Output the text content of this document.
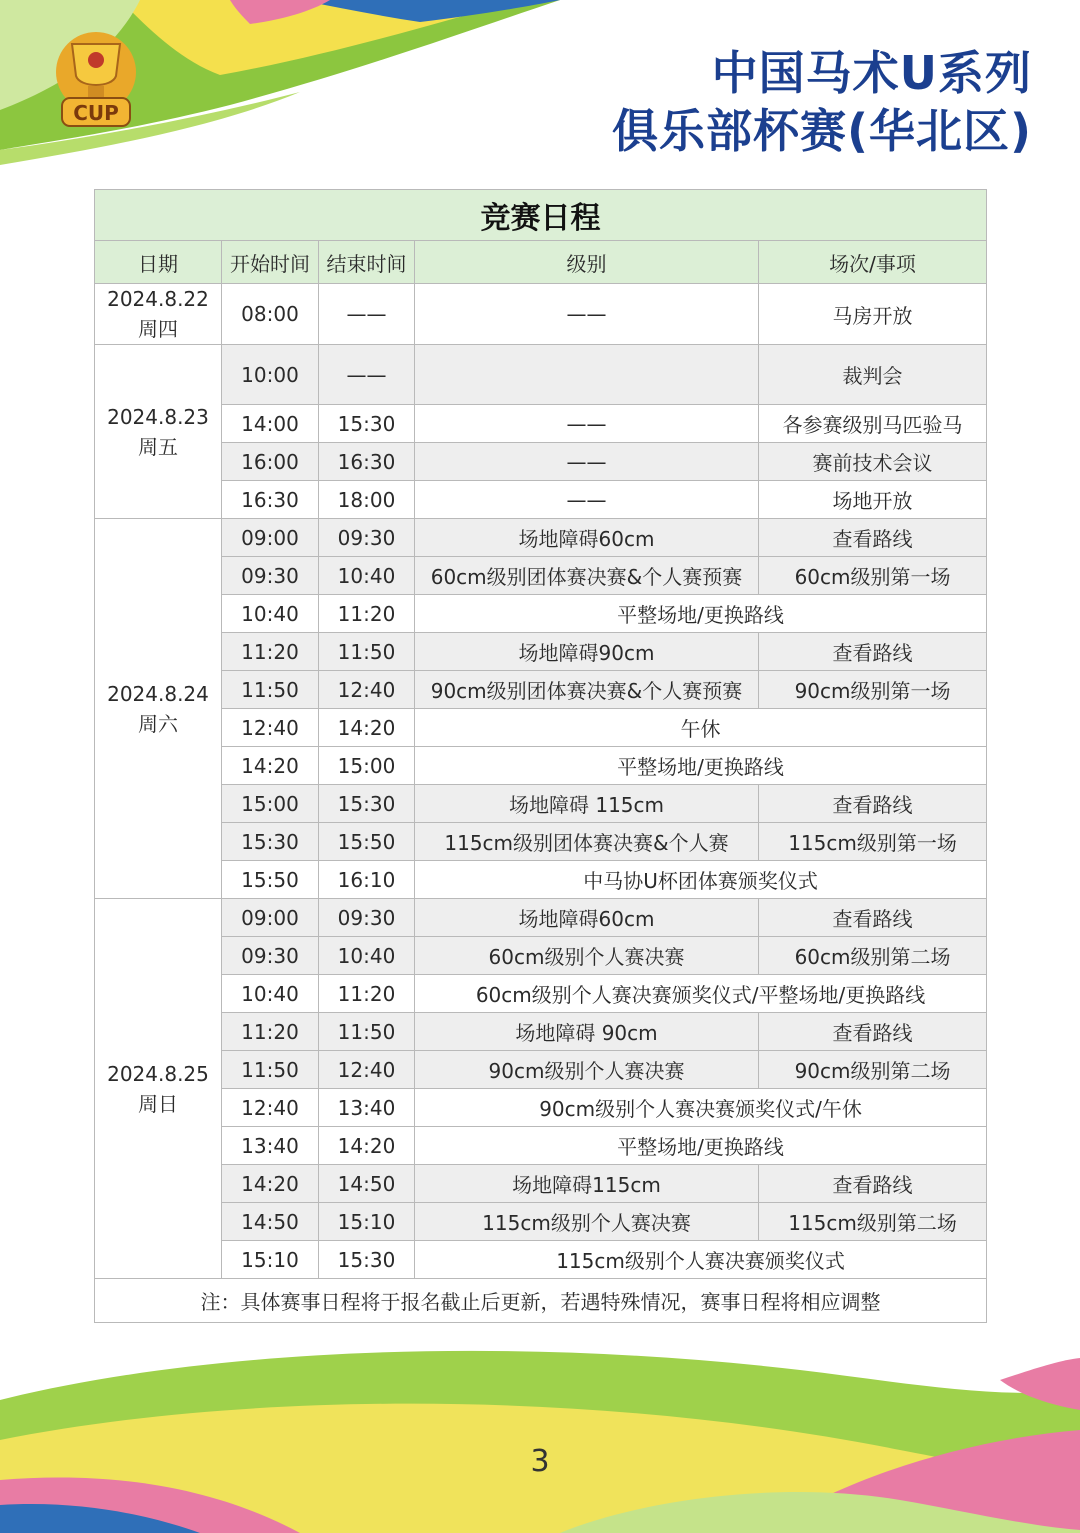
CUP
中国马术U系列
俱乐部杯赛(华北区)
竞赛日程				
日期	开始时间	结束时间	级别	场次/事项

2024.8.22
周四	08:00	——	——	马房开放

2024.8.23
周五	10:00	——		裁判会
	14:00	15:30	——	各参赛级别马匹验马
	16:00	16:30	——	赛前技术会议
	16:30	18:00	——	场地开放

2024.8.24
周六	09:00	09:30	场地障碍60cm	查看路线
	09:30	10:40	60cm级别团体赛决赛&个人赛预赛	60cm级别第一场
	10:40	11:20	平整场地/更换路线	
	11:20	11:50	场地障碍90cm	查看路线
	11:50	12:40	90cm级别团体赛决赛&个人赛预赛	90cm级别第一场
	12:40	14:20	午休	
	14:20	15:00	平整场地/更换路线	
	15:00	15:30	场地障碍 115cm	查看路线
	15:30	15:50	115cm级别团体赛决赛&个人赛	115cm级别第一场
	15:50	16:10	中马协U杯团体赛颁奖仪式	

2024.8.25
周日	09:00	09:30	场地障碍60cm	查看路线
	09:30	10:40	60cm级别个人赛决赛	60cm级别第二场
	10:40	11:20	60cm级别个人赛决赛颁奖仪式/平整场地/更换路线	
	11:20	11:50	场地障碍 90cm	查看路线
	11:50	12:40	90cm级别个人赛决赛	90cm级别第二场
	12:40	13:40	90cm级别个人赛决赛颁奖仪式/午休	
	13:40	14:20	平整场地/更换路线	
	14:20	14:50	场地障碍115cm	查看路线
	14:50	15:10	115cm级别个人赛决赛	115cm级别第二场
	15:10	15:30	115cm级别个人赛决赛颁奖仪式	
注：具体赛事日程将于报名截止后更新，若遇特殊情况，赛事日程将相应调整				
3
